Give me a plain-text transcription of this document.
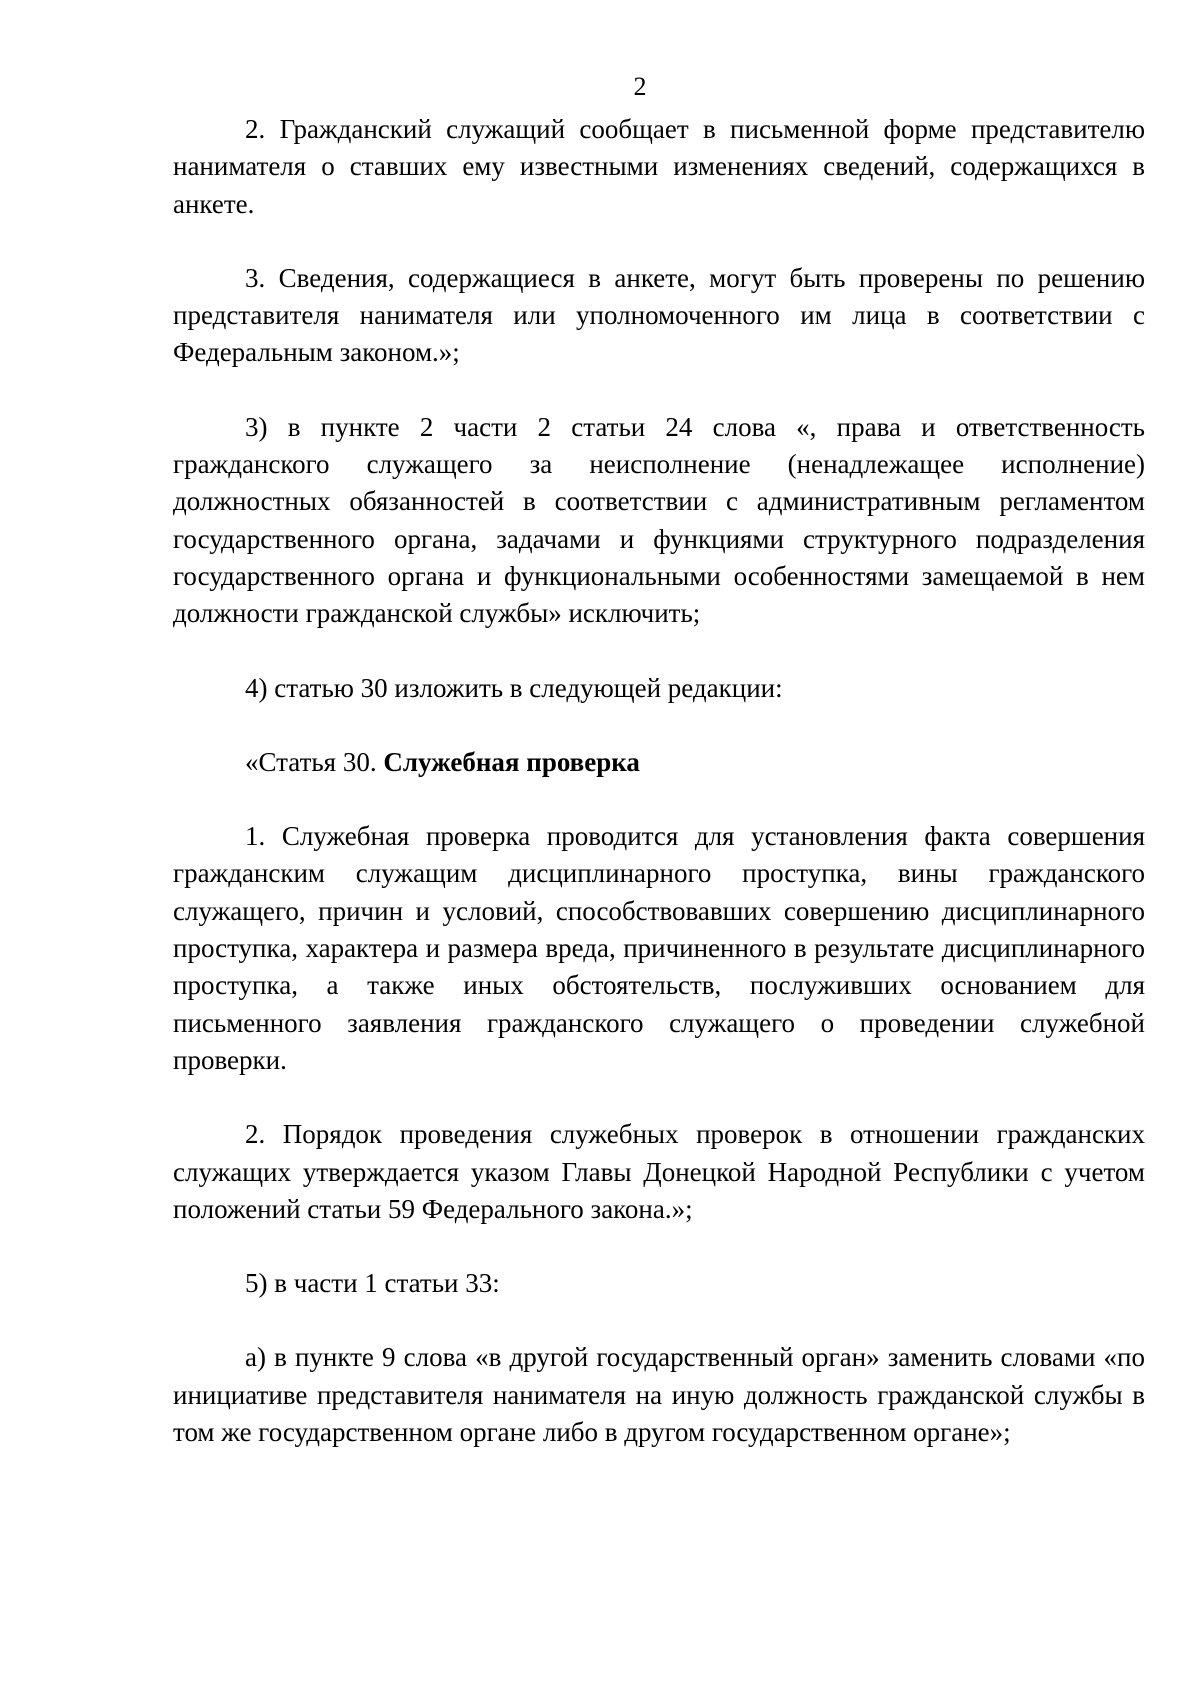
2

2. Гражданский служащий сообщает в письменной форме представителю нанимателя о ставших ему известными изменениях сведений, содержащихся в анкете.

3. Сведения, содержащиеся в анкете, могут быть проверены по решению представителя нанимателя или уполномоченного им лица в соответствии с Федеральным законом.»;

3) в пункте 2 части 2 статьи 24 слова «, права и ответственность гражданского служащего за неисполнение (ненадлежащее исполнение) должностных обязанностей в соответствии с административным регламентом государственного органа, задачами и функциями структурного подразделения государственного органа и функциональными особенностями замещаемой в нем должности гражданской службы» исключить;

4) статью 30 изложить в следующей редакции:

«Статья 30. Служебная проверка

1. Служебная проверка проводится для установления факта совершения гражданским служащим дисциплинарного проступка, вины гражданского служащего, причин и условий, способствовавших совершению дисциплинарного проступка, характера и размера вреда, причиненного в результате дисциплинарного проступка, а также иных обстоятельств, послуживших основанием для письменного заявления гражданского служащего о проведении служебной проверки.

2. Порядок проведения служебных проверок в отношении гражданских служащих утверждается указом Главы Донецкой Народной Республики с учетом положений статьи 59 Федерального закона.»;

5) в части 1 статьи 33:

а) в пункте 9 слова «в другой государственный орган» заменить словами «по инициативе представителя нанимателя на иную должность гражданской службы в том же государственном органе либо в другом государственном органе»;
